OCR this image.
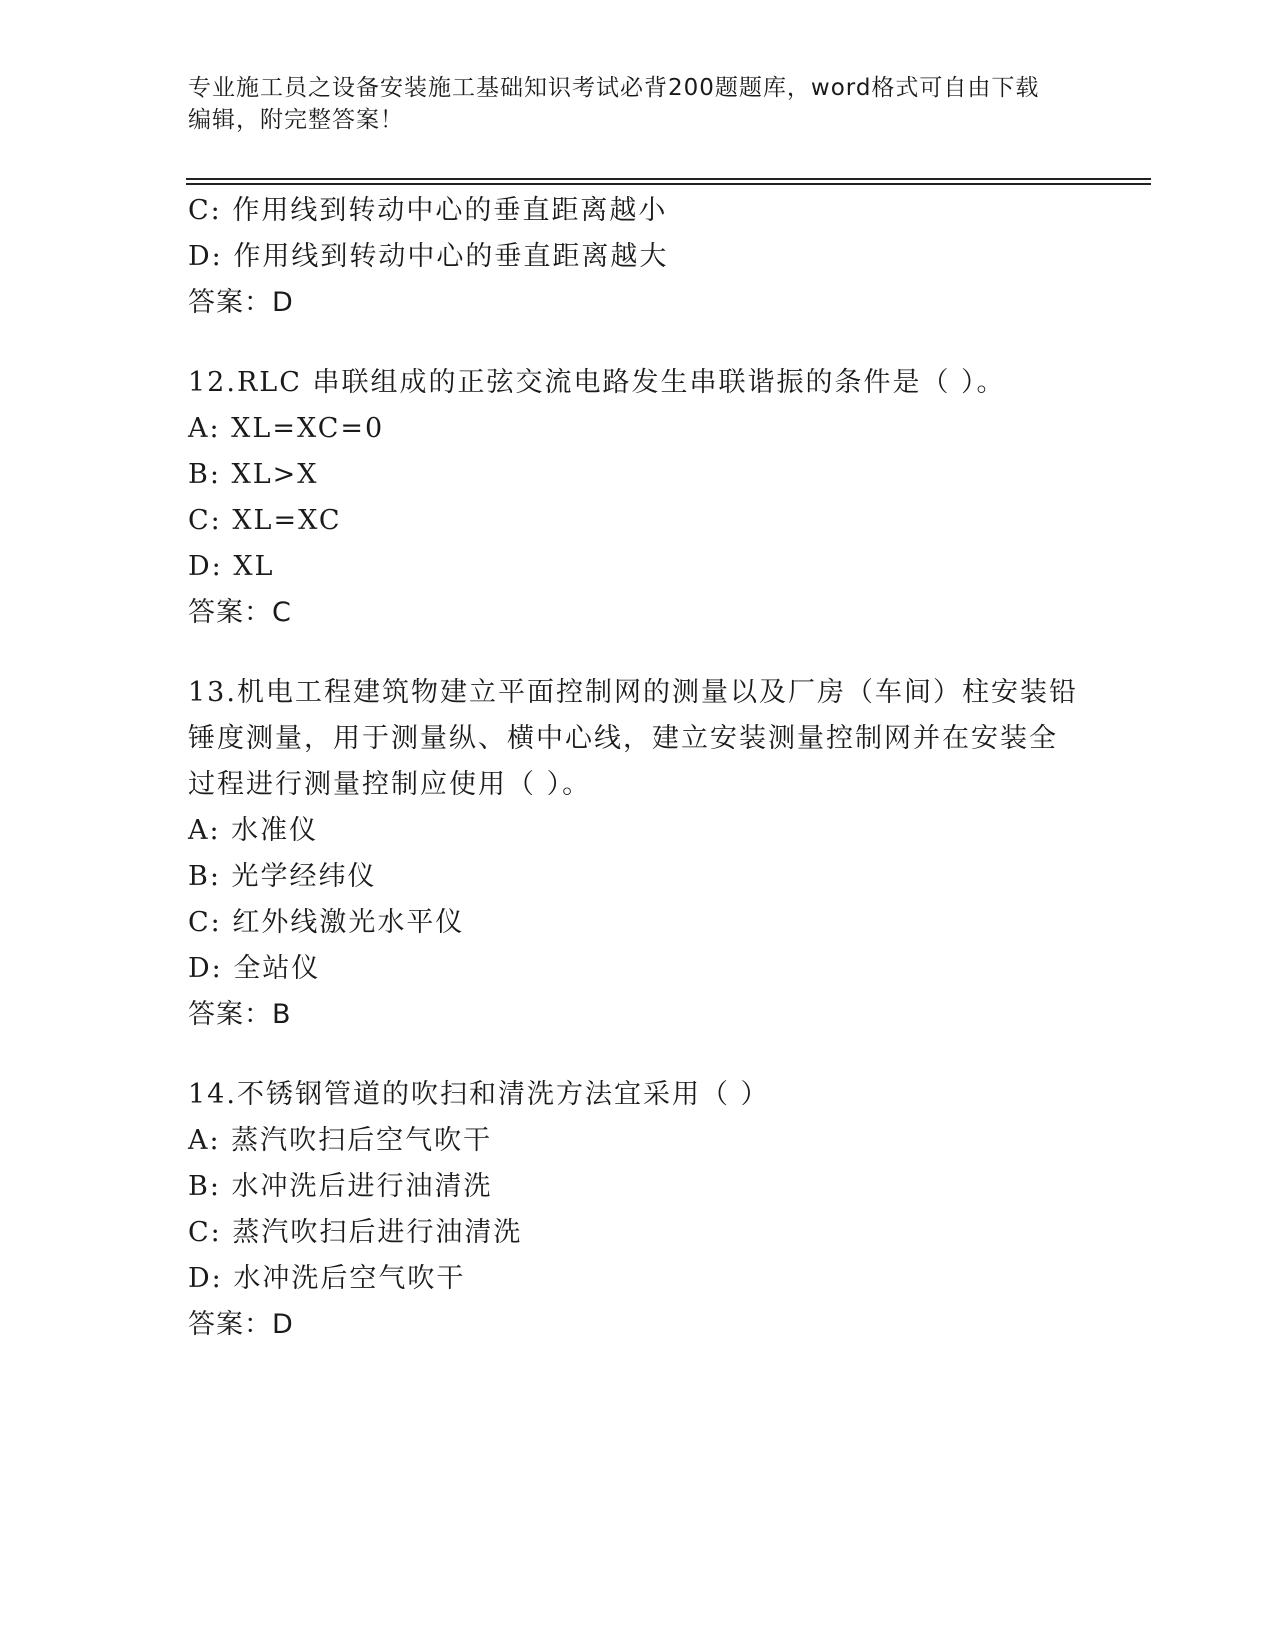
专业施工员之设备安装施工基础知识考试必背200题题库，word格式可自由下载
编辑，附完整答案！
C: 作用线到转动中心的垂直距离越小
D: 作用线到转动中心的垂直距离越大
答案：D
12.RLC 串联组成的正弦交流电路发生串联谐振的条件是（ ）。
A: XL=XC=0
B: XL>X
C: XL=XC
D: XL
答案：C
13.机电工程建筑物建立平面控制网的测量以及厂房（车间）柱安装铅
锤度测量，用于测量纵、横中心线，建立安装测量控制网并在安装全
过程进行测量控制应使用（ ）。
A: 水准仪
B: 光学经纬仪
C: 红外线激光水平仪
D: 全站仪
答案：B
14.不锈钢管道的吹扫和清洗方法宜采用（ ）
A: 蒸汽吹扫后空气吹干
B: 水冲洗后进行油清洗
C: 蒸汽吹扫后进行油清洗
D: 水冲洗后空气吹干
答案：D
